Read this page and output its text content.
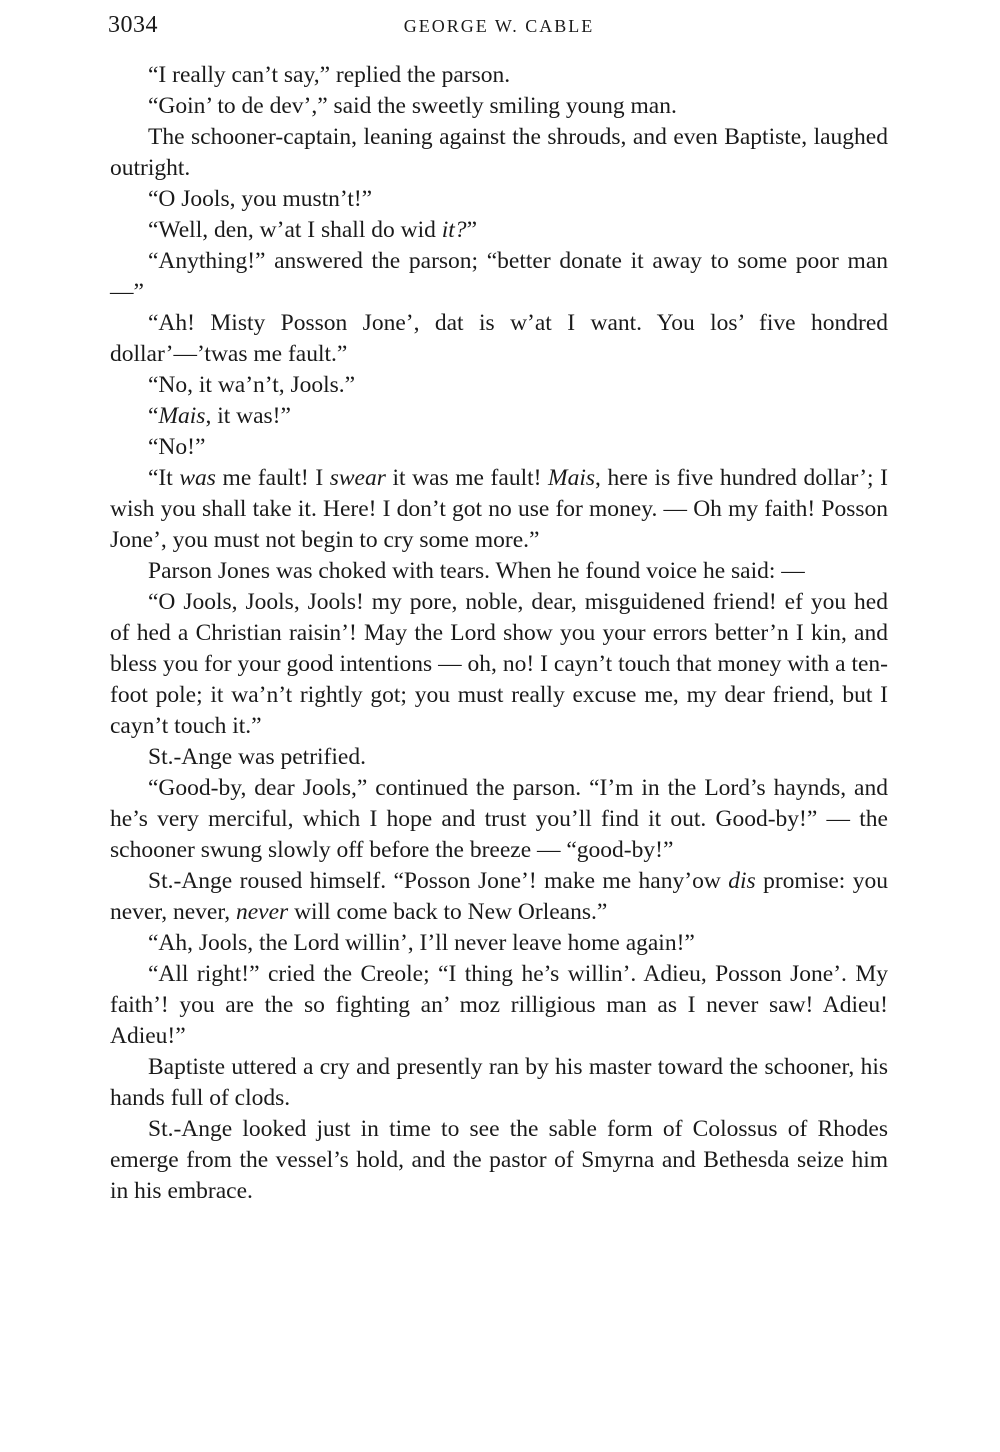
3034	GEORGE W. CABLE

“I really can’t say,” replied the parson.

“Goin’ to de dev’,” said the sweetly smiling young man.

The schooner-captain, leaning against the shrouds, and even Baptiste, laughed outright.

“O Jools, you mustn’t!”

“Well, den, w’at I shall do wid it?”

“Anything!” answered the parson; “better donate it away to some poor man —”

“Ah! Misty Posson Jone’, dat is w’at I want. You los’ five hondred dollar’—’twas me fault.”

“No, it wa’n’t, Jools.”

“Mais, it was!”

“No!”

“It was me fault! I swear it was me fault! Mais, here is five hundred dollar’; I wish you shall take it. Here! I don’t got no use for money. — Oh my faith! Posson Jone’, you must not begin to cry some more.”

Parson Jones was choked with tears. When he found voice he said: —

“O Jools, Jools, Jools! my pore, noble, dear, misguidened friend! ef you hed of hed a Christian raisin’! May the Lord show you your errors better’n I kin, and bless you for your good intentions — oh, no! I cayn’t touch that money with a ten-foot pole; it wa’n’t rightly got; you must really excuse me, my dear friend, but I cayn’t touch it.”

St.-Ange was petrified.

“Good-by, dear Jools,” continued the parson. “I’m in the Lord’s haynds, and he’s very merciful, which I hope and trust you’ll find it out. Good-by!” — the schooner swung slowly off before the breeze — “good-by!”

St.-Ange roused himself. “Posson Jone’! make me hany’ow dis promise: you never, never, never will come back to New Orleans.”

“Ah, Jools, the Lord willin’, I’ll never leave home again!”

“All right!” cried the Creole; “I thing he’s willin’. Adieu, Posson Jone’. My faith’! you are the so fighting an’ moz rilligious man as I never saw! Adieu! Adieu!”

Baptiste uttered a cry and presently ran by his master toward the schooner, his hands full of clods.

St.-Ange looked just in time to see the sable form of Colossus of Rhodes emerge from the vessel’s hold, and the pastor of Smyrna and Bethesda seize him in his embrace.
